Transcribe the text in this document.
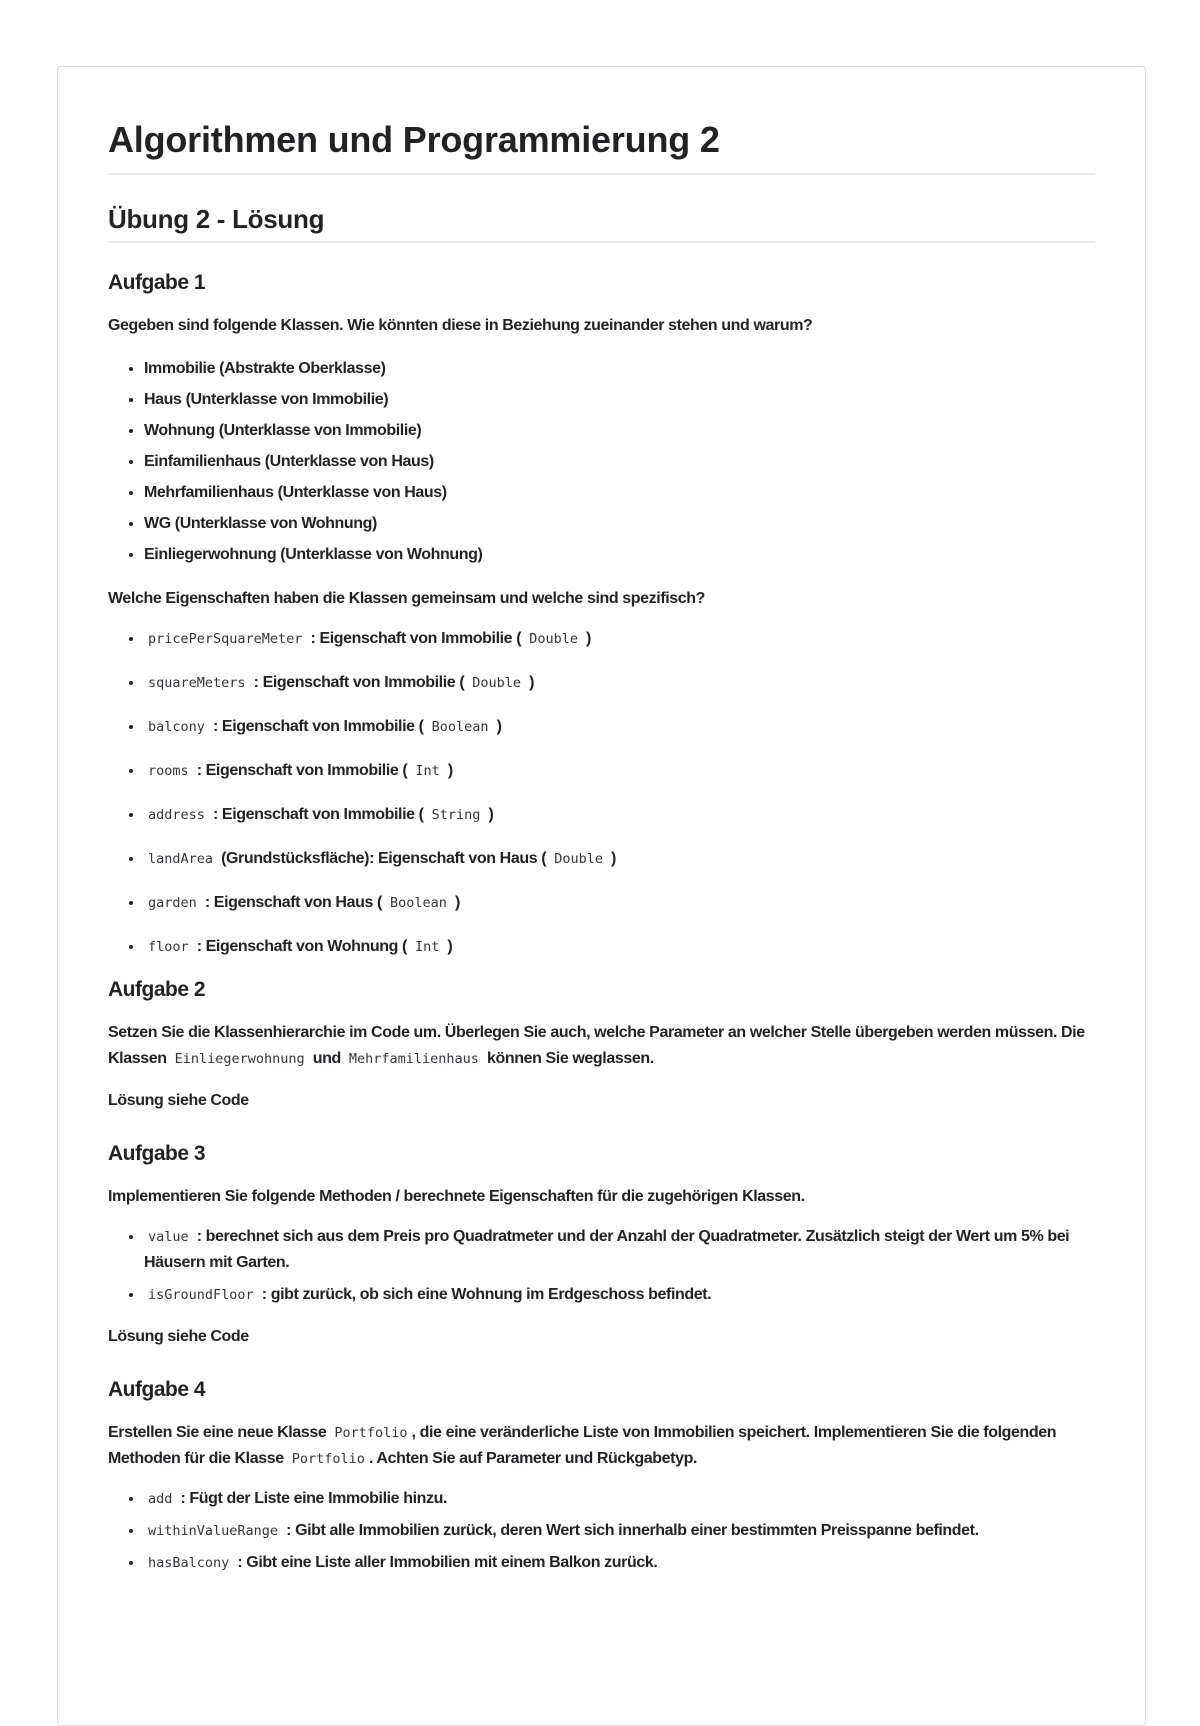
Algorithmen und Programmierung 2
Übung 2 - Lösung
Aufgabe 1

Gegeben sind folgende Klassen. Wie könnten diese in Beziehung zueinander stehen und warum?

• Immobilie (Abstrakte Oberklasse)
• Haus (Unterklasse von Immobilie)
• Wohnung (Unterklasse von Immobilie)
• Einfamilienhaus (Unterklasse von Haus)
• Mehrfamilienhaus (Unterklasse von Haus)
• WG (Unterklasse von Wohnung)
• Einliegerwohnung (Unterklasse von Wohnung)

Welche Eigenschaften haben die Klassen gemeinsam und welche sind spezifisch?

• pricePerSquareMeter : Eigenschaft von Immobilie ( Double )
• squareMeters : Eigenschaft von Immobilie ( Double )
• balcony : Eigenschaft von Immobilie ( Boolean )
• rooms : Eigenschaft von Immobilie ( Int )
• address : Eigenschaft von Immobilie ( String )
• landArea (Grundstücksfläche): Eigenschaft von Haus ( Double )
• garden : Eigenschaft von Haus ( Boolean )
• floor : Eigenschaft von Wohnung ( Int )
Aufgabe 2

Setzen Sie die Klassenhierarchie im Code um. Überlegen Sie auch, welche Parameter an welcher Stelle übergeben werden müssen. Die Klassen Einliegerwohnung und Mehrfamilienhaus können Sie weglassen.

Lösung siehe Code

Aufgabe 3

Implementieren Sie folgende Methoden / berechnete Eigenschaften für die zugehörigen Klassen.

• value : berechnet sich aus dem Preis pro Quadratmeter und der Anzahl der Quadratmeter. Zusätzlich steigt der Wert um 5% bei Häusern mit Garten.
• isGroundFloor : gibt zurück, ob sich eine Wohnung im Erdgeschoss befindet.

Lösung siehe Code

Aufgabe 4

Erstellen Sie eine neue Klasse Portfolio , die eine veränderliche Liste von Immobilien speichert. Implementieren Sie die folgenden Methoden für die Klasse Portfolio . Achten Sie auf Parameter und Rückgabetyp.

• add : Fügt der Liste eine Immobilie hinzu.
• withinValueRange : Gibt alle Immobilien zurück, deren Wert sich innerhalb einer bestimmten Preisspanne befindet.
• hasBalcony : Gibt eine Liste aller Immobilien mit einem Balkon zurück.
